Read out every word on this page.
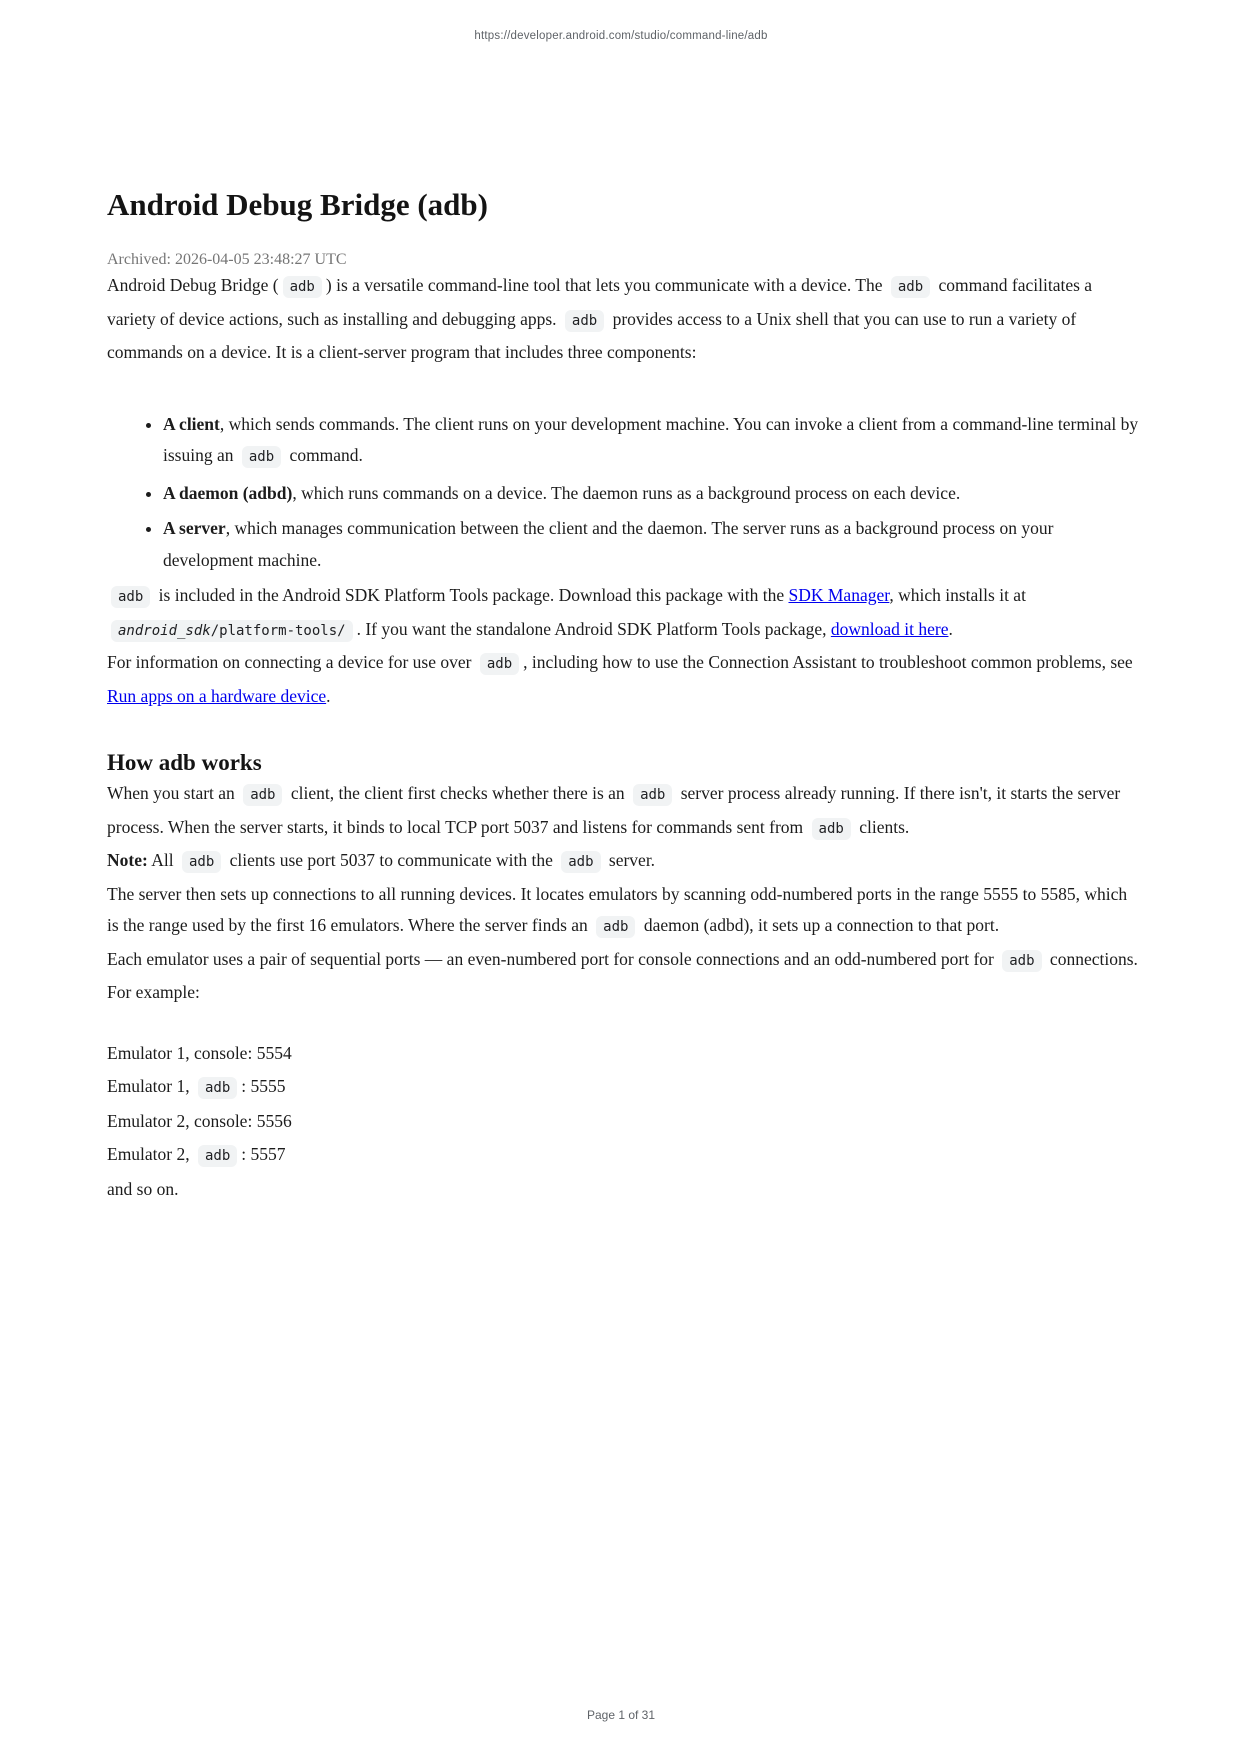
https://developer.android.com/studio/command-line/adb
Android Debug Bridge (adb)
Archived: 2026-04-05 23:48:27 UTC

Android Debug Bridge ( adb ) is a versatile command-line tool that lets you communicate with a device. The adb command facilitates a variety of device actions, such as installing and debugging apps. adb provides access to a Unix shell that you can use to run a variety of commands on a device. It is a client-server program that includes three components:

• A client, which sends commands. The client runs on your development machine. You can invoke a client from a command-line terminal by issuing an adb command.
• A daemon (adbd), which runs commands on a device. The daemon runs as a background process on each device.
• A server, which manages communication between the client and the daemon. The server runs as a background process on your development machine.

adb is included in the Android SDK Platform Tools package. Download this package with the SDK Manager, which installs it at android_sdk/platform-tools/ . If you want the standalone Android SDK Platform Tools package, download it here.

For information on connecting a device for use over adb , including how to use the Connection Assistant to troubleshoot common problems, see Run apps on a hardware device.

How adb works

When you start an adb client, the client first checks whether there is an adb server process already running. If there isn't, it starts the server process. When the server starts, it binds to local TCP port 5037 and listens for commands sent from adb clients.

Note: All adb clients use port 5037 to communicate with the adb server.

The server then sets up connections to all running devices. It locates emulators by scanning odd-numbered ports in the range 5555 to 5585, which is the range used by the first 16 emulators. Where the server finds an adb daemon (adbd), it sets up a connection to that port.

Each emulator uses a pair of sequential ports — an even-numbered port for console connections and an odd-numbered port for adb connections. For example:

Emulator 1, console: 5554
Emulator 1, adb : 5555
Emulator 2, console: 5556
Emulator 2, adb : 5557
and so on.
Page 1 of 31
